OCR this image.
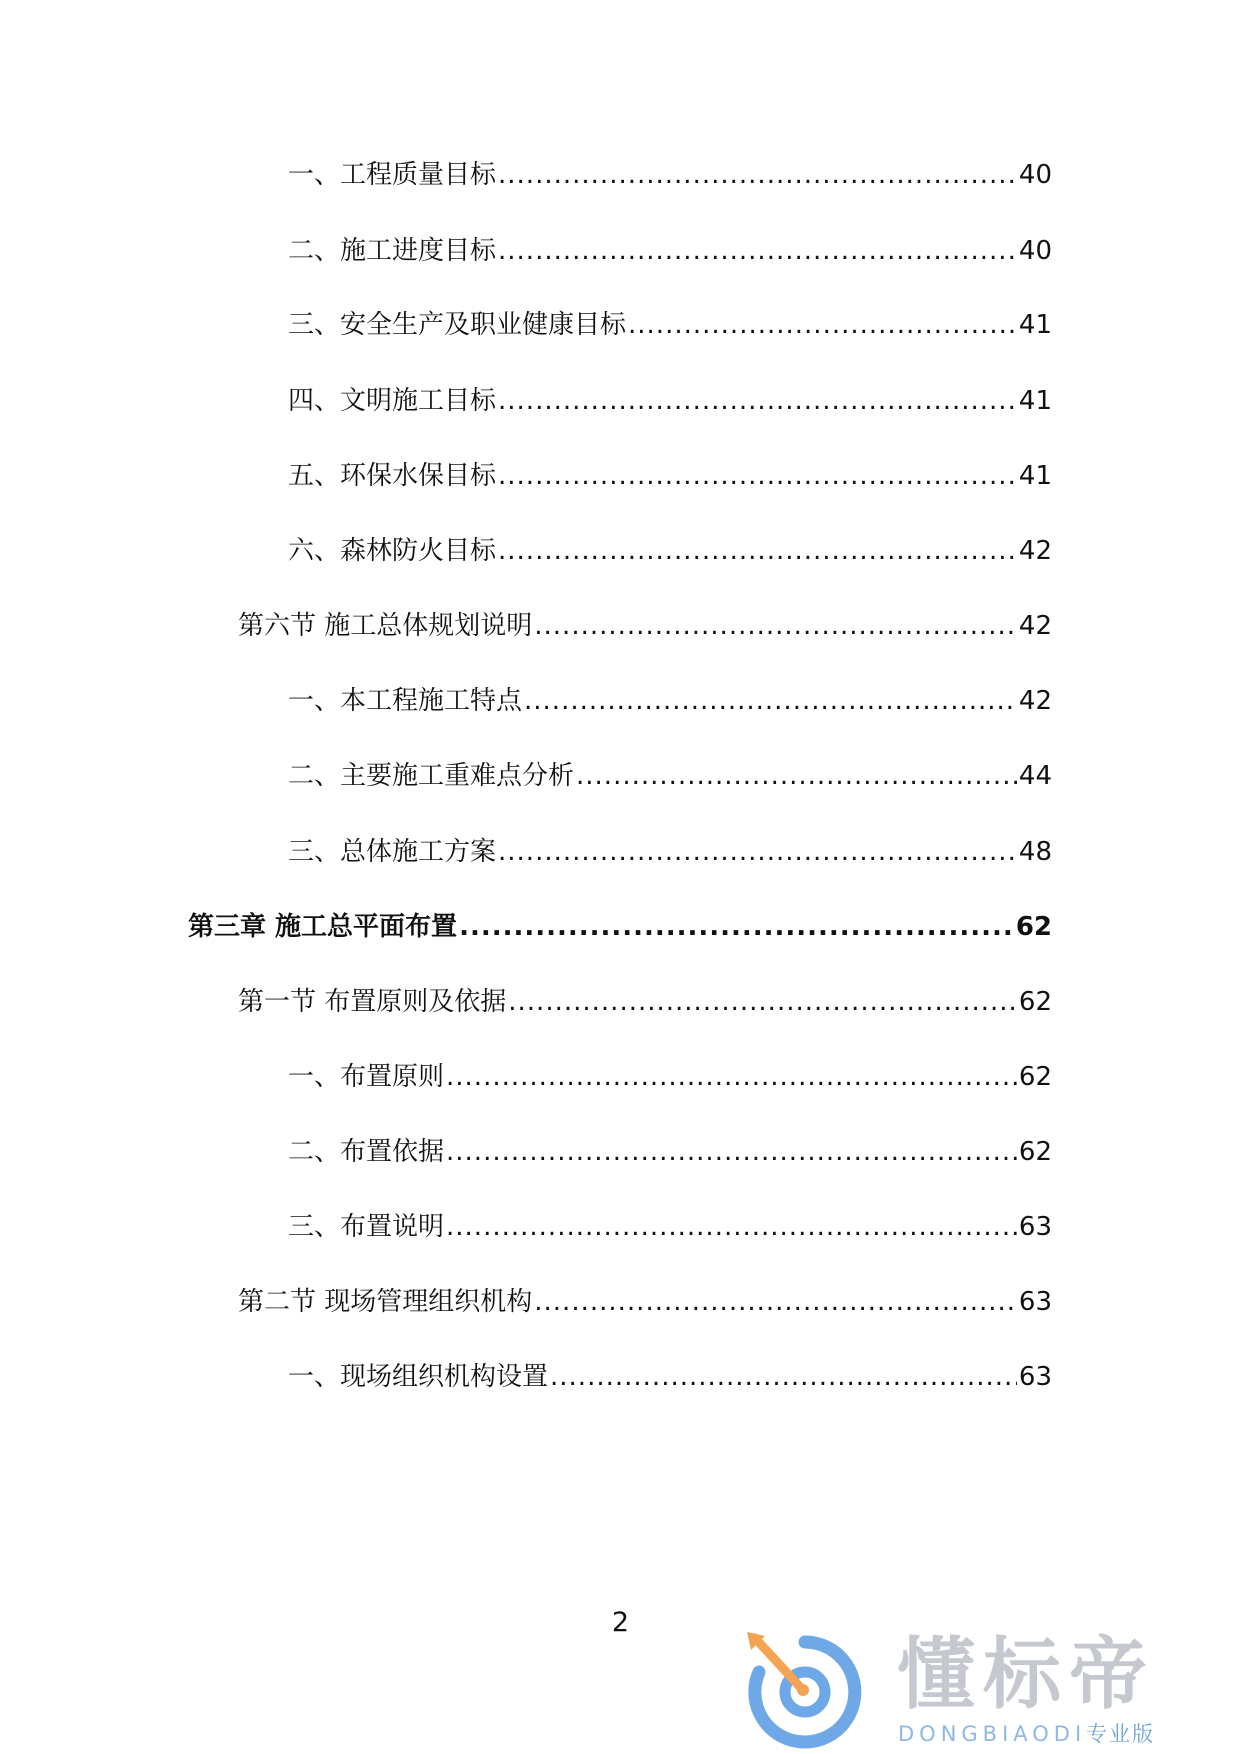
一、工程质量目标 .....	40
二、施工进度目标 .....	40
三、安全生产及职业健康目标 .....	41
四、文明施工目标 .....	41
五、环保水保目标 .....	41
六、森林防火目标 .....	42
第六节 施工总体规划说明 .....	42
一、本工程施工特点 .....	42
二、主要施工重难点分析 .....	44
三、总体施工方案 .....	48
第三章 施工总平面布置 .....	62
第一节 布置原则及依据 .....	62
一、布置原则 .....	62
二、布置依据 .....	62
三、布置说明 .....	63
第二节 现场管理组织机构 .....	63
一、现场组织机构设置 .....	63
2
懂标帝
DONGBIAODI专业版
